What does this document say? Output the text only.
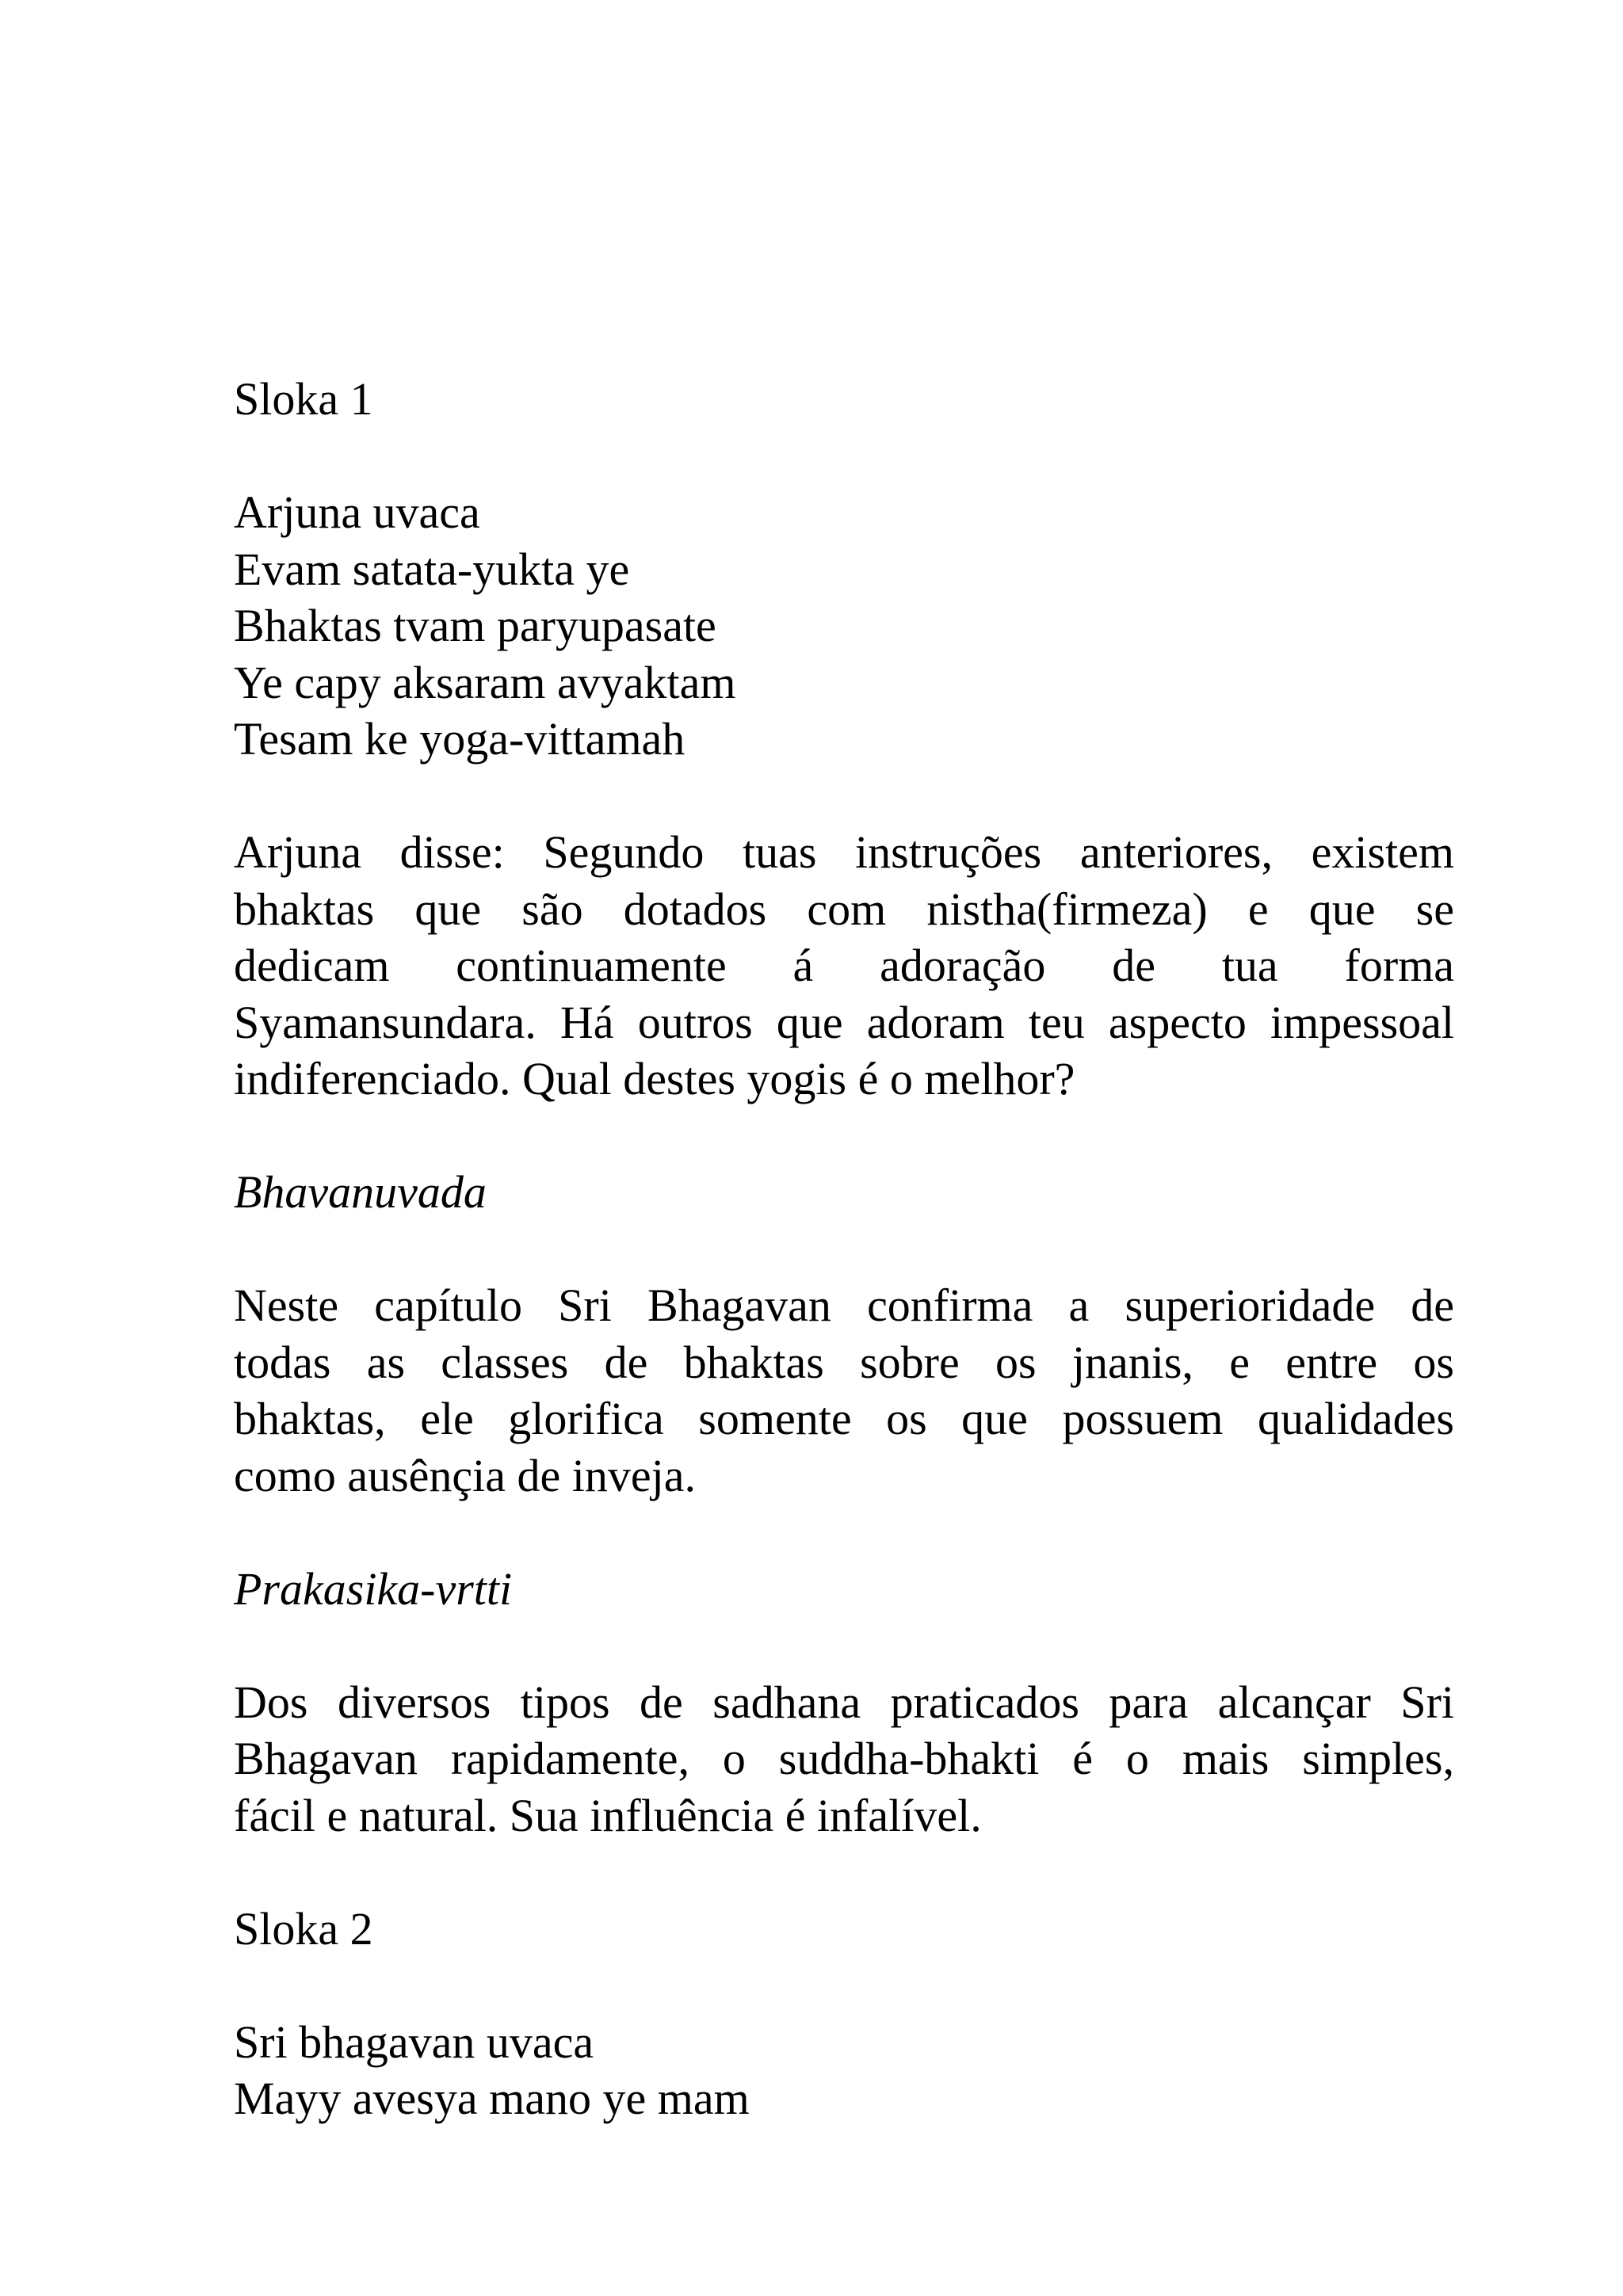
Sloka 1
Arjuna uvaca
Evam satata-yukta ye
Bhaktas tvam paryupasate
Ye capy aksaram avyaktam
Tesam ke yoga-vittamah
Arjuna disse: Segundo tuas instruções anteriores, existem
bhaktas que são dotados com nistha(firmeza) e que se
dedicam continuamente á adoração de tua forma
Syamansundara. Há outros que adoram teu aspecto impessoal
indiferenciado. Qual destes yogis é o melhor?
Bhavanuvada
Neste capítulo Sri Bhagavan confirma a superioridade de
todas as classes de bhaktas sobre os jnanis, e entre os
bhaktas, ele glorifica somente os que possuem qualidades
como ausênçia de inveja.
Prakasika-vrtti
Dos diversos tipos de sadhana praticados para alcançar Sri
Bhagavan rapidamente, o suddha-bhakti é o mais simples,
fácil e natural. Sua influência é infalível.
Sloka 2
Sri bhagavan uvaca
Mayy avesya mano ye mam
